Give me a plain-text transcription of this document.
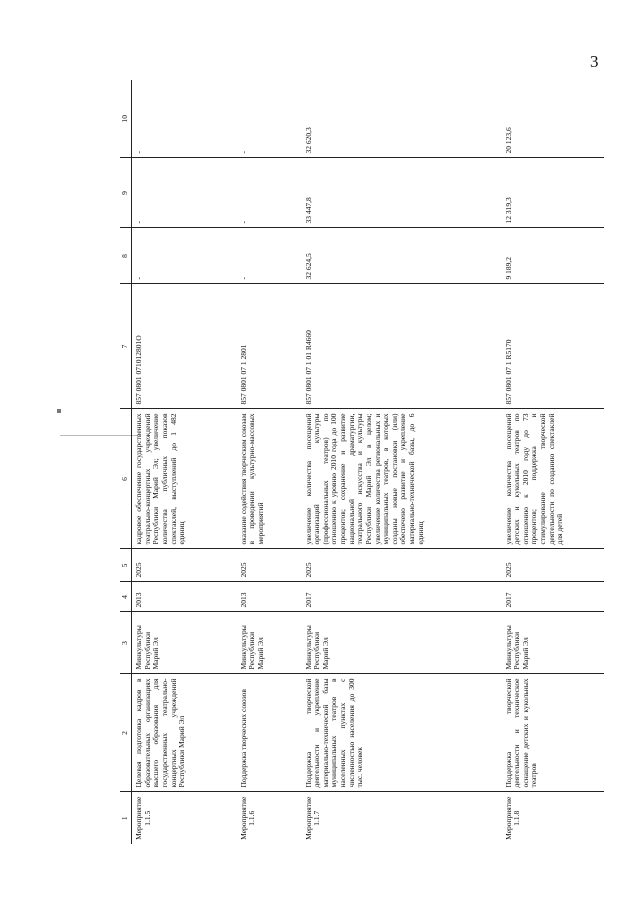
3
1	2	3	4	5	6	7	8	9	10
Мероприятие 1.1.5	Целевая подготовка кадров в образовательных организациях высшего образования для государственных театрально-концертных учреждений Республики Марий Эл	Минкультуры Республики Марий Эл	2013	2025	кадровое обеспечение государственных театрально-концертных учреждений Республики Марий Эл; увеличение количества публичных показов спектаклей, выступлений до 1 482 единиц	857 0801 071012801О	-	-	-
Мероприятие 1.1.6	Поддержка творческих союзов	Минкультуры Республики Марий Эл	2013	2025	оказание содействия творческим союзам в проведении культурно-массовых мероприятий	857 0801 07 1 2801	-	-	-
Мероприятие 1.1.7	Поддержка творческой деятельности и укрепление материально-технической базы муниципальных театров в населенных пунктах с численностью населения до 300 тыс. человек	Минкультуры Республики Марий Эл	2017	2025	увеличение количества посещений организаций культуры (профессиональных театров) по отношению к уровню 2010 года до 100 процентов; сохранение и развитие национальной драматургии, театрального искусства и культуры Республики Марий Эл в целом; увеличение количества региональных и муниципальных театров, в которых созданы новые постановки (или) обеспечено развитие и укрепление материально-технической базы, до 6 единиц	857 0801 07 1 01 R4660	32 624,5	33 447,8	32 620,3
Мероприятие 1.1.8	Поддержка творческой деятельности и техническое оснащение детских и кукольных театров	Минкультуры Республики Марий Эл	2017	2025	увеличение количества посещений детских и кукольных театров по отношению к 2010 году до 73 процентов; поддержка и стимулирование творческой деятельности по созданию спектаклей для детей	857 0801 07 1 R5170	9 189,2	12 319,3	20 123,6
